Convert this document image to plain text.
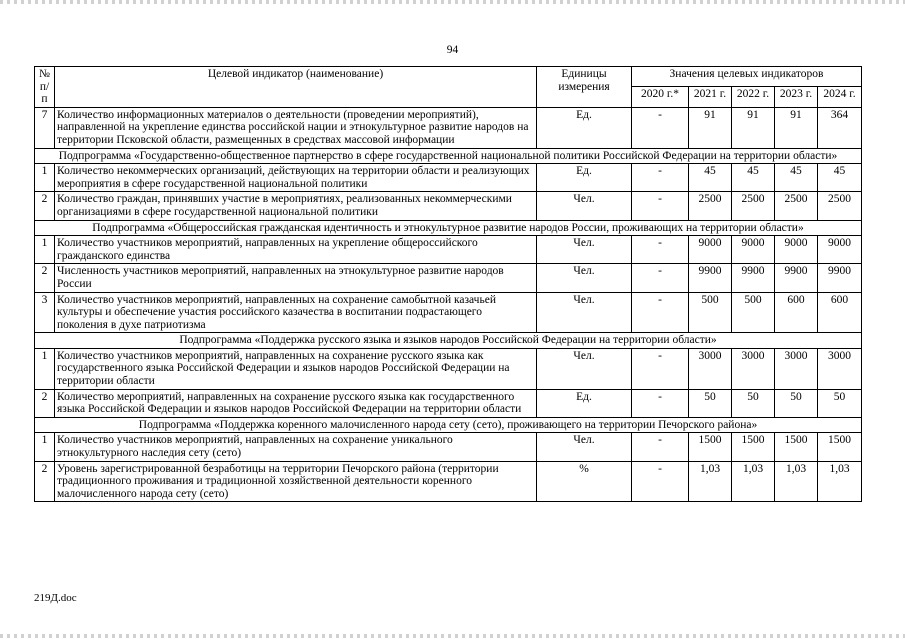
94
№ п/п	Целевой индикатор (наименование)	Единицы измерения	Значения целевых индикаторов				
			2020 г.*	2021 г.	2022 г.	2023 г.	2024 г.
7	Количество информационных материалов о деятельности (проведении мероприятий), направленной на укрепление единства российской нации и этнокультурное развитие народов на территории Псковской области, размещенных в средствах массовой информации	Ед.	-	91	91	91	364
Подпрограмма «Государственно-общественное партнерство в сфере государственной национальной политики Российской Федерации на территории области»							
1	Количество некоммерческих организаций, действующих на территории области и реализующих мероприятия в сфере государственной национальной политики	Ед.	-	45	45	45	45
2	Количество граждан, принявших участие в мероприятиях, реализованных некоммерческими организациями в сфере государственной национальной политики	Чел.	-	2500	2500	2500	2500
Подпрограмма «Общероссийская гражданская идентичность и этнокультурное развитие народов России, проживающих на территории области»							
1	Количество участников мероприятий, направленных на укрепление общероссийского гражданского единства	Чел.	-	9000	9000	9000	9000
2	Численность участников мероприятий, направленных на этнокультурное развитие народов России	Чел.	-	9900	9900	9900	9900
3	Количество участников мероприятий, направленных на сохранение самобытной казачьей культуры и обеспечение участия российского казачества в воспитании подрастающего поколения в духе патриотизма	Чел.	-	500	500	600	600
Подпрограмма «Поддержка русского языка и языков народов Российской Федерации на территории области»							
1	Количество участников мероприятий, направленных на сохранение русского языка как государственного языка Российской Федерации и языков народов Российской Федерации на территории области	Чел.	-	3000	3000	3000	3000
2	Количество мероприятий, направленных на сохранение русского языка как государственного языка Российской Федерации и языков народов Российской Федерации на территории области	Ед.	-	50	50	50	50
Подпрограмма «Поддержка коренного малочисленного народа сету (сето), проживающего на территории Печорского района»							
1	Количество участников мероприятий, направленных на сохранение уникального этнокультурного наследия сету (сето)	Чел.	-	1500	1500	1500	1500
2	Уровень зарегистрированной безработицы на территории Печорского района (территории традиционного проживания и традиционной хозяйственной деятельности коренного малочисленного народа сету (сето)	%	-	1,03	1,03	1,03	1,03
219Д.doc
